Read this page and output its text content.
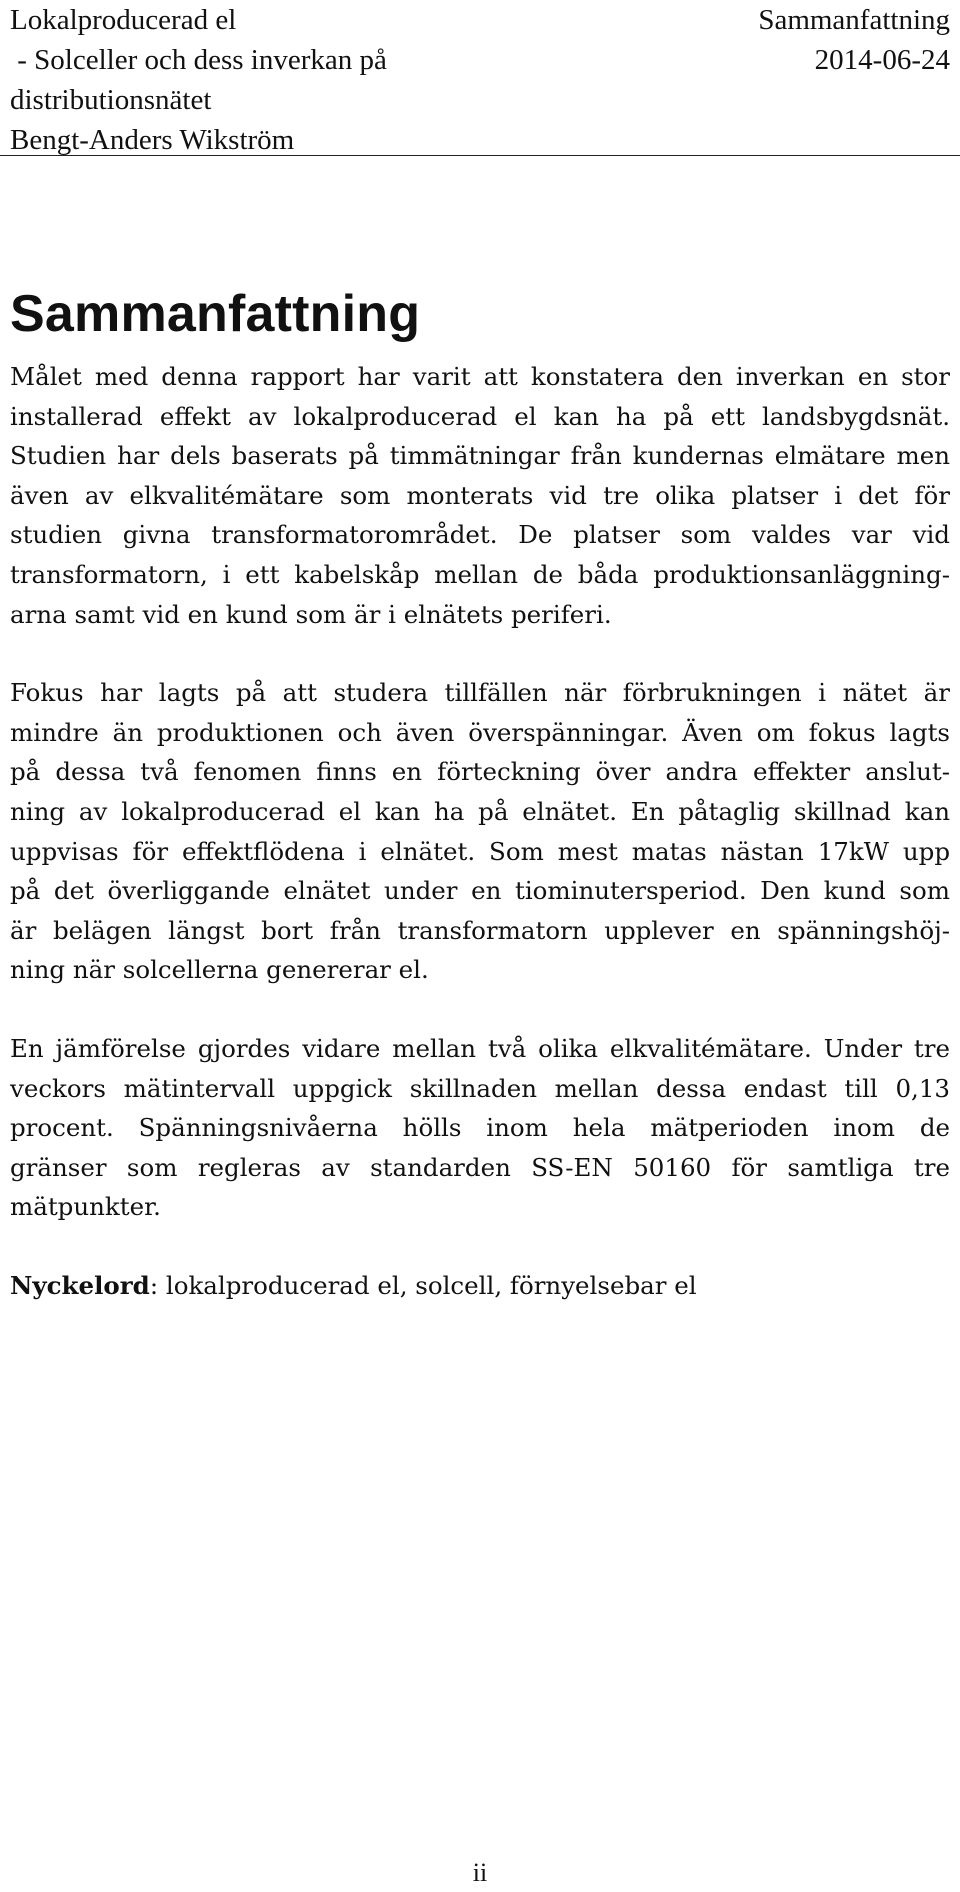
Lokalproducerad el
- Solceller och dess inverkan på
distributionsnätet
Bengt-Anders Wikström
Sammanfattning
2014-06-24
Sammanfattning
Målet med denna rapport har varit att konstatera den inverkan en stor
installerad effekt av lokalproducerad el kan ha på ett landsbygdsnät.
Studien har dels baserats på timmätningar från kundernas elmätare men
även av elkvalitémätare som monterats vid tre olika platser i det för
studien givna transformatorområdet. De platser som valdes var vid
transformatorn, i ett kabelskåp mellan de båda produktionsanläggning-
arna samt vid en kund som är i elnätets periferi.
Fokus har lagts på att studera tillfällen när förbrukningen i nätet är
mindre än produktionen och även överspänningar. Även om fokus lagts
på dessa två fenomen finns en förteckning över andra effekter anslut-
ning av lokalproducerad el kan ha på elnätet. En påtaglig skillnad kan
uppvisas för effektflödena i elnätet. Som mest matas nästan 17kW upp
på det överliggande elnätet under en tiominutersperiod. Den kund som
är belägen längst bort från transformatorn upplever en spänningshöj-
ning när solcellerna genererar el.
En jämförelse gjordes vidare mellan två olika elkvalitémätare. Under tre
veckors mätintervall uppgick skillnaden mellan dessa endast till 0,13
procent. Spänningsnivåerna hölls inom hela mätperioden inom de
gränser som regleras av standarden SS-EN 50160 för samtliga tre
mätpunkter.

Nyckelord: lokalproducerad el, solcell, förnyelsebar el

ii
